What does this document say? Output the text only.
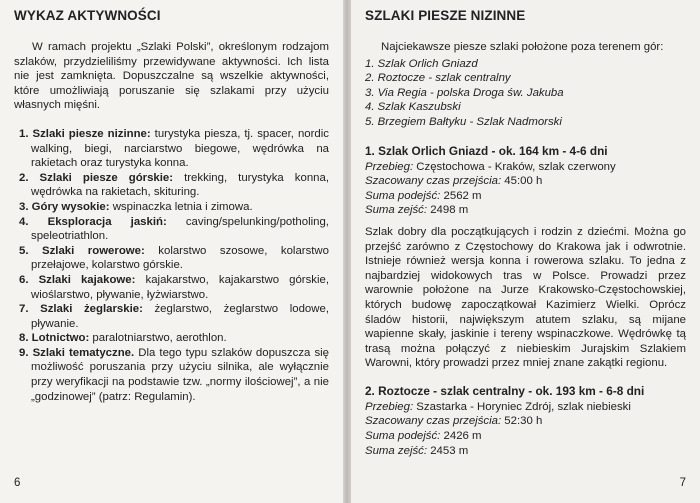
WYKAZ AKTYWNOŚCI

W ramach projektu „Szlaki Polski”, określonym rodzajom szlaków, przydzieliliśmy przewidywane aktywności. Ich lista nie jest zamknięta. Dopuszczalne są wszelkie aktywności, które umożliwiają poruszanie się szlakami przy użyciu własnych mięśni.

1. Szlaki piesze nizinne: turystyka piesza, tj. spacer, nordic walking, biegi, narciarstwo biegowe, wędrówka na rakietach oraz turystyka konna.
2. Szlaki piesze górskie: trekking, turystyka konna, wędrówka na rakietach, skituring.
3. Góry wysokie: wspinaczka letnia i zimowa.
4. Eksploracja jaskiń: caving/spelunking/potholing, speleotriathlon.
5. Szlaki rowerowe: kolarstwo szosowe, kolarstwo przełajowe, kolarstwo górskie.
6. Szlaki kajakowe: kajakarstwo, kajakarstwo górskie, wioślarstwo, pływanie, łyżwiarstwo.
7. Szlaki żeglarskie: żeglarstwo, żeglarstwo lodowe, pływanie.
8. Lotnictwo: paralotniarstwo, aerothlon.
9. Szlaki tematyczne. Dla tego typu szlaków dopuszcza się możliwość poruszania przy użyciu silnika, ale wyłącznie przy weryfikacji na podstawie tzw. „normy ilościowej”, a nie „godzinowej” (patrz: Regulamin).
6
SZLAKI PIESZE NIZINNE

Najciekawsze piesze szlaki położone poza terenem gór:

1. Szlak Orlich Gniazd
2. Roztocze - szlak centralny
3. Via Regia - polska Droga św. Jakuba
4. Szlak Kaszubski
5. Brzegiem Bałtyku - Szlak Nadmorski
1. Szlak Orlich Gniazd - ok. 164 km - 4-6 dni
Przebieg: Częstochowa - Kraków, szlak czerwony
Szacowany czas przejścia: 45:00 h
Suma podejść: 2562 m
Suma zejść: 2498 m

Szlak dobry dla początkujących i rodzin z dziećmi. Można go przejść zarówno z Częstochowy do Krakowa jak i odwrotnie. Istnieje również wersja konna i rowerowa szlaku. To jedna z najbardziej widokowych tras w Polsce. Prowadzi przez warownie położone na Jurze Krakowsko-Częstochowskiej, których budowę zapoczątkował Kazimierz Wielki. Oprócz śladów historii, największym atutem szlaku, są mijane wapienne skały, jaskinie i tereny wspinaczkowe. Wędrówkę tą trasą można połączyć z niebieskim Jurajskim Szlakiem Warowni, który prowadzi przez mniej znane zakątki regionu.

2. Roztocze - szlak centralny - ok. 193 km - 6-8 dni
Przebieg: Szastarka - Horyniec Zdrój, szlak niebieski
Szacowany czas przejścia: 52:30 h
Suma podejść: 2426 m
Suma zejść: 2453 m
7
